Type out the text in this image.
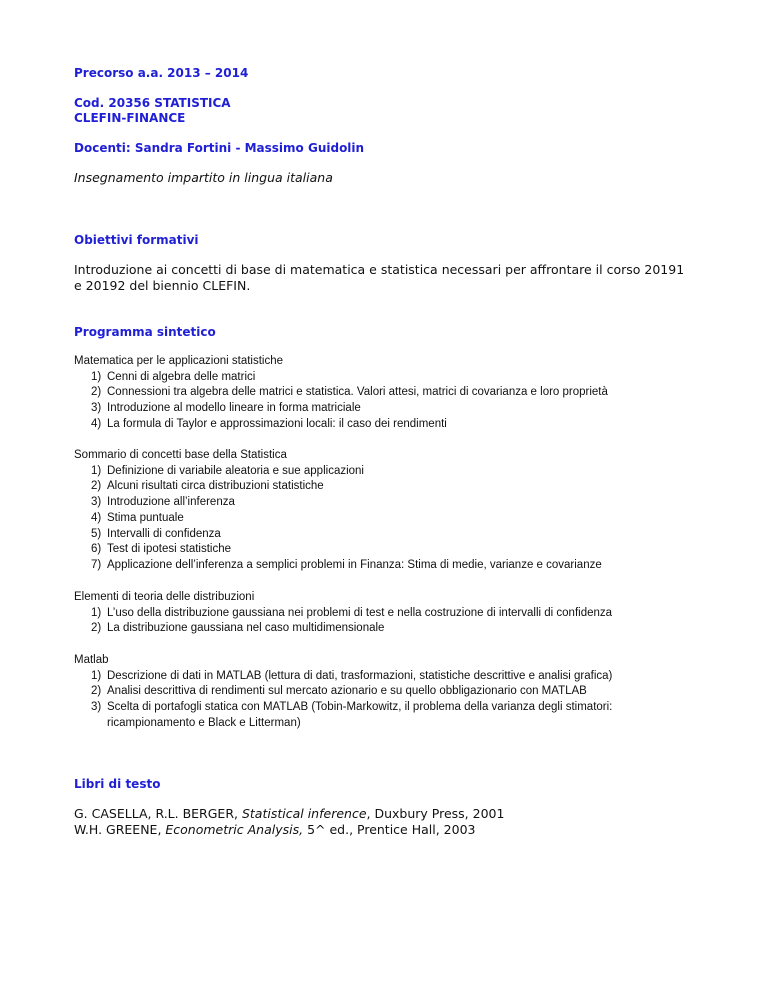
Precorso a.a. 2013 – 2014
Cod. 20356 STATISTICA
CLEFIN-FINANCE
Docenti: Sandra Fortini - Massimo Guidolin
Insegnamento impartito in lingua italiana
Obiettivi formativi
Introduzione ai concetti di base di matematica e statistica necessari per affrontare il corso 20191 e 20192 del biennio CLEFIN.
Programma sintetico
Matematica per le applicazioni statistiche
1) Cenni di algebra delle matrici
2) Connessioni tra algebra delle matrici e statistica. Valori attesi, matrici di covarianza e loro proprietà
3) Introduzione al modello lineare in forma matriciale
4) La formula di Taylor e approssimazioni locali: il caso dei rendimenti
Sommario di concetti base della Statistica
1) Definizione di variabile aleatoria e sue applicazioni
2) Alcuni risultati circa distribuzioni statistiche
3) Introduzione all’inferenza
4) Stima puntuale
5) Intervalli di confidenza
6) Test di ipotesi statistiche
7) Applicazione dell’inferenza a semplici problemi in Finanza: Stima di medie, varianze e covarianze
Elementi di teoria delle distribuzioni
1) L’uso della distribuzione gaussiana nei problemi di test e nella costruzione di intervalli di confidenza
2) La distribuzione gaussiana nel caso multidimensionale
Matlab
1) Descrizione di dati in MATLAB (lettura di dati, trasformazioni, statistiche descrittive e analisi grafica)
2) Analisi descrittiva di rendimenti sul mercato azionario e su quello obbligazionario con MATLAB
3) Scelta di portafogli statica con MATLAB (Tobin-Markowitz, il problema della varianza degli stimatori: ricampionamento e Black e Litterman)
Libri di testo
G. CASELLA, R.L. BERGER, Statistical inference, Duxbury Press, 2001
W.H. GREENE, Econometric Analysis, 5^ ed., Prentice Hall, 2003
